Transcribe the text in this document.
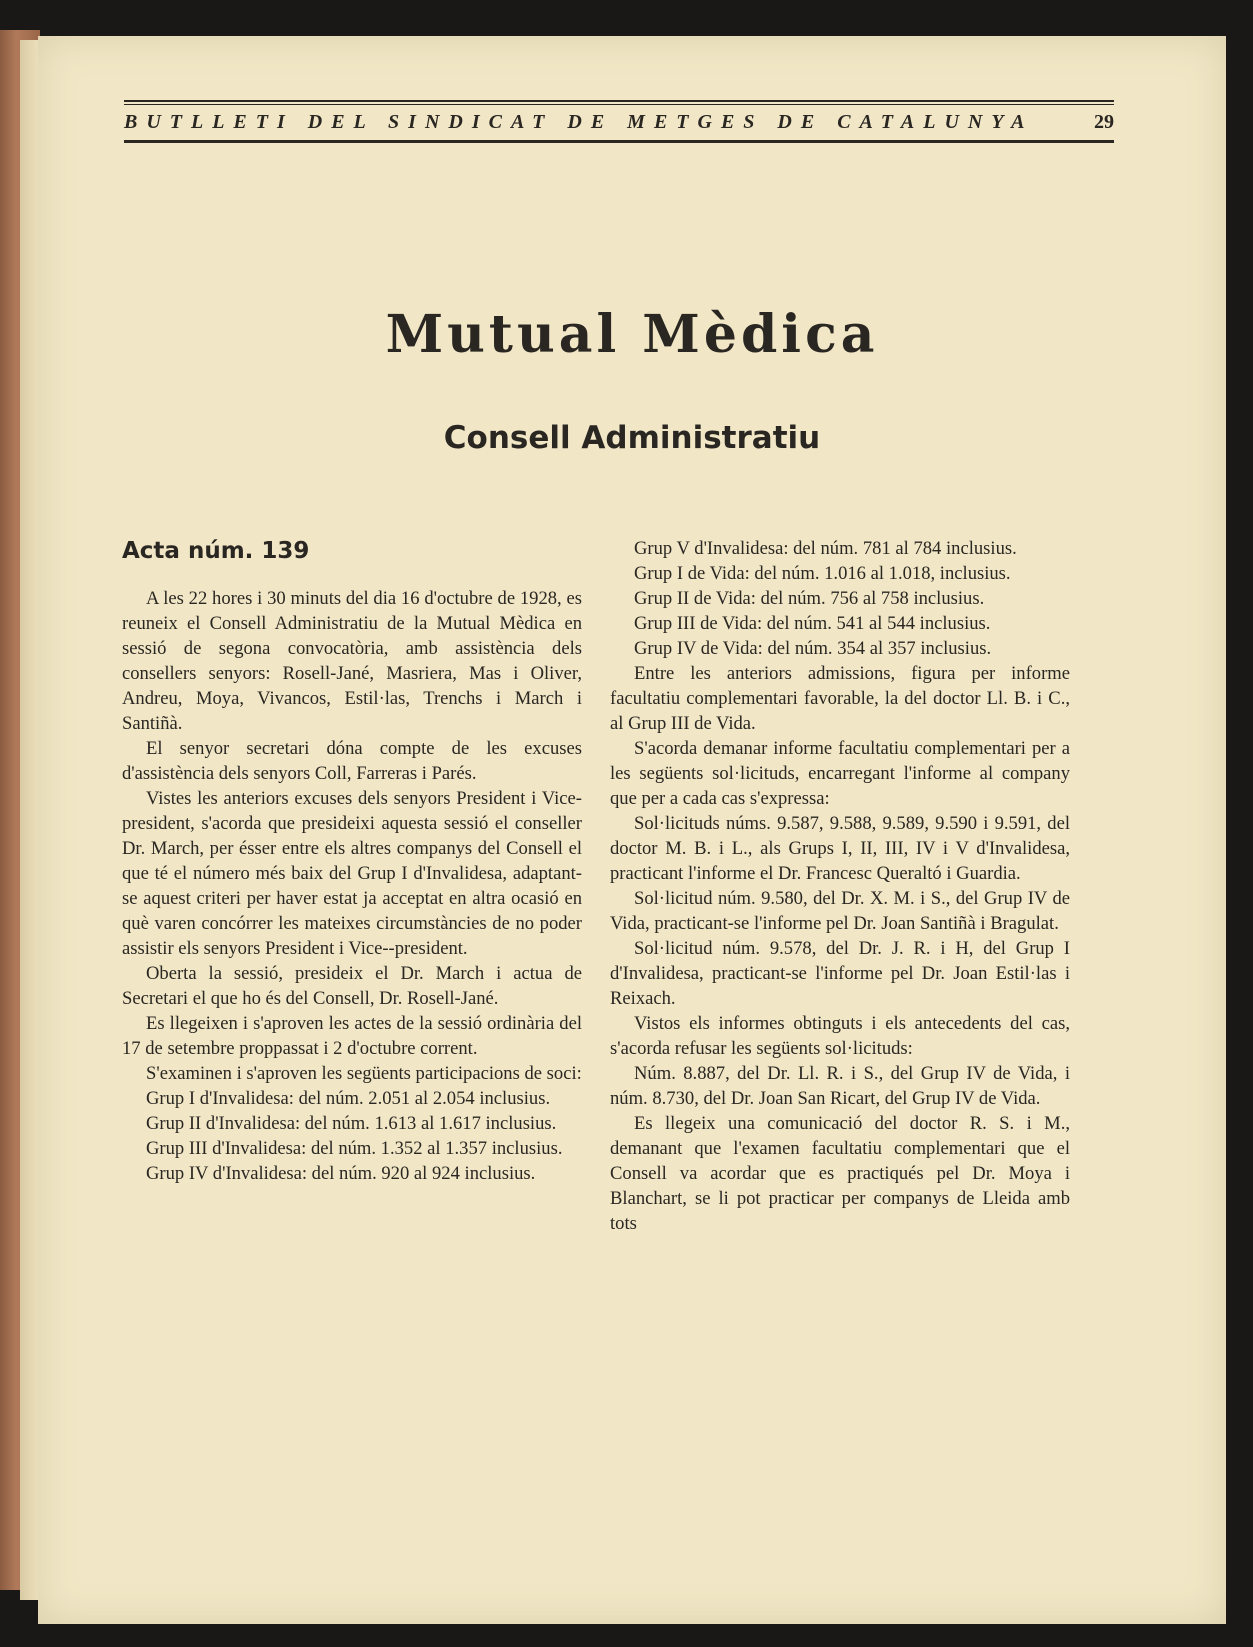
BUTLLETI DEL SINDICAT DE METGES DE CATALUNYA	29
Mutual Mèdica
Consell Administratiu
Acta núm. 139

A les 22 hores i 30 minuts del dia 16 d'octubre de 1928, es reuneix el Consell Administratiu de la Mutual Mèdica en sessió de segona convocatòria, amb assistència dels consellers senyors: Rosell-Jané, Masriera, Mas i Oliver, Andreu, Moya, Vivancos, Estil·las, Trenchs i March i Santiñà.

El senyor secretari dóna compte de les excuses d'assistència dels senyors Coll, Farreras i Parés.

Vistes les anteriors excuses dels senyors President i Vice-president, s'acorda que presideixi aquesta sessió el conseller Dr. March, per ésser entre els altres companys del Consell el que té el número més baix del Grup I d'Invalidesa, adaptant-se aquest criteri per haver estat ja acceptat en altra ocasió en què varen concórrer les mateixes circumstàncies de no poder assistir els senyors President i Vice--president.

Oberta la sessió, presideix el Dr. March i actua de Secretari el que ho és del Consell, Dr. Rosell-Jané.

Es llegeixen i s'aproven les actes de la sessió ordinària del 17 de setembre proppassat i 2 d'octubre corrent.

S'examinen i s'aproven les següents participacions de soci:

Grup I d'Invalidesa: del núm. 2.051 al 2.054 inclusius.

Grup II d'Invalidesa: del núm. 1.613 al 1.617 inclusius.

Grup III d'Invalidesa: del núm. 1.352 al 1.357 inclusius.

Grup IV d'Invalidesa: del núm. 920 al 924 inclusius.

Grup V d'Invalidesa: del núm. 781 al 784 inclusius.

Grup I de Vida: del núm. 1.016 al 1.018, inclusius.

Grup II de Vida: del núm. 756 al 758 inclusius.

Grup III de Vida: del núm. 541 al 544 inclusius.

Grup IV de Vida: del núm. 354 al 357 inclusius.

Entre les anteriors admissions, figura per informe facultatiu complementari favorable, la del doctor Ll. B. i C., al Grup III de Vida.

S'acorda demanar informe facultatiu complementari per a les següents sol·licituds, encarregant l'informe al company que per a cada cas s'expressa:

Sol·licituds núms. 9.587, 9.588, 9.589, 9.590 i 9.591, del doctor M. B. i L., als Grups I, II, III, IV i V d'Invalidesa, practicant l'informe el Dr. Francesc Queraltó i Guardia.

Sol·licitud núm. 9.580, del Dr. X. M. i S., del Grup IV de Vida, practicant-se l'informe pel Dr. Joan Santiñà i Bragulat.

Sol·licitud núm. 9.578, del Dr. J. R. i H, del Grup I d'Invalidesa, practicant-se l'informe pel Dr. Joan Estil·las i Reixach.

Vistos els informes obtinguts i els antecedents del cas, s'acorda refusar les següents sol·licituds:

Núm. 8.887, del Dr. Ll. R. i S., del Grup IV de Vida, i núm. 8.730, del Dr. Joan San Ricart, del Grup IV de Vida.

Es llegeix una comunicació del doctor R. S. i M., demanant que l'examen facultatiu complementari que el Consell va acordar que es practiqués pel Dr. Moya i Blanchart, se li pot practicar per companys de Lleida amb tots
